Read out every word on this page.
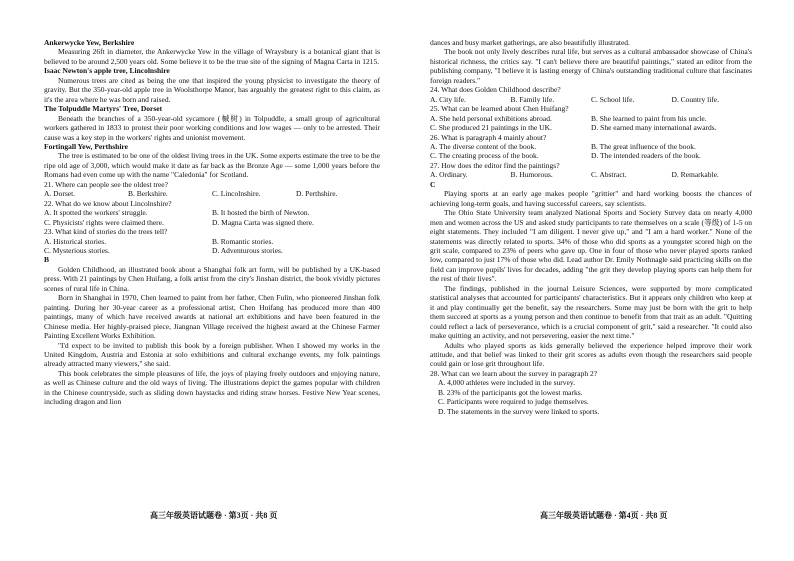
Ankerwycke Yew, Berkshire

Measuring 26ft in diameter, the Ankerwycke Yew in the village of Wraysbury is a botanical giant that is believed to be around 2,500 years old. Some believe it to be the true site of the signing of Magna Carta in 1215.

Isaac Newton's apple tree, Lincolnshire

Numerous trees are cited as being the one that inspired the young physicist to investigate the theory of gravity. But the 350-year-old apple tree in Woolsthorpe Manor, has arguably the greatest right to this claim, as it's the area where he was born and raised.

The Tolpuddle Martyrs' Tree, Dorset

Beneath the branches of a 350-year-old sycamore (槭树) in Tolpuddle, a small group of agricultural workers gathered in 1833 to protest their poor working conditions and low wages — only to be arrested. Their cause was a key step in the workers' rights and unionist movement.

Fortingall Yew, Perthshire

The tree is estimated to be one of the oldest living trees in the UK. Some experts estimate the tree to be the ripe old age of 3,000, which would make it date as far back as the Bronze Age — some 1,000 years before the Romans had even come up with the name "Caledonia" for Scotland.

21. Where can people see the oldest tree?

A. Dorset.	B. Berkshire.	C. Lincolnshire.	D. Perthshire.

22. What do we know about Lincolnshire?

A. It spotted the workers' struggle.	B. It hosted the birth of Newton.
C. Physicists' rights were claimed there.	D. Magna Carta was signed there.

23. What kind of stories do the trees tell?

A. Historical stories.	B. Romantic stories.
C. Mysterious stories.	D. Adventurous stories.

B

Golden Childhood, an illustrated book about a Shanghai folk art form, will be published by a UK-based press. With 21 paintings by Chen Huifang, a folk artist from the city's Jinshan district, the book vividly pictures scenes of rural life in China.

Born in Shanghai in 1970, Chen learned to paint from her father, Chen Fulin, who pioneered Jinshan folk painting. During her 30-year career as a professional artist, Chen Huifang has produced more than 400 paintings, many of which have received awards at national art exhibitions and have been featured in the Chinese media. Her highly-praised piece, Jiangnan Village received the highest award at the Chinese Farmer Painting Excellent Works Exhibition.

"I'd expect to be invited to publish this book by a foreign publisher. When I showed my works in the United Kingdom, Austria and Estonia at solo exhibitions and cultural exchange events, my folk paintings already attracted many viewers," she said.

This book celebrates the simple pleasures of life, the joys of playing freely outdoors and enjoying nature, as well as Chinese culture and the old ways of living. The illustrations depict the games popular with children in the Chinese countryside, such as sliding down haystacks and riding straw horses. Festive New Year scenes, including dragon and lion

高三年级英语试题卷 · 第3页 · 共8 页

dances and busy market gatherings, are also beautifully illustrated.

The book not only lively describes rural life, but serves as a cultural ambassador showcase of China's historical richness, the critics say. "I can't believe there are beautiful paintings," stated an editor from the publishing company, "I believe it is lasting energy of China's outstanding traditional culture that fascinates foreign readers."

24. What does Golden Childhood describe?

A. City life.	B. Family life.	C. School life.	D. Country life.

25. What can be learned about Chen Huifang?

A. She held personal exhibitions abroad.	B. She learned to paint from his uncle.
C. She produced 21 paintings in the UK.	D. She earned many international awards.

26. What is paragraph 4 mainly about?

A. The diverse content of the book.	B. The great influence of the book.
C. The creating process of the book.	D. The intended readers of the book.

27. How does the editor find the paintings?

A. Ordinary.	B. Humorous.	C. Abstract.	D. Remarkable.

C

Playing sports at an early age makes people "grittier" and hard working boosts the chances of achieving long-term goals, and having successful careers, say scientists.

The Ohio State University team analyzed National Sports and Society Survey data on nearly 4,000 men and women across the US and asked study participants to rate themselves on a scale (等级) of 1-5 on eight statements. They included "I am diligent. I never give up," and "I am a hard worker." None of the statements was directly related to sports. 34% of those who did sports as a youngster scored high on the grit scale, compared to 23% of peers who gave up. One in four of those who never played sports ranked low, compared to just 17% of those who did. Lead author Dr. Emily Nothnagle said practicing skills on the field can improve pupils' lives for decades, adding "the grit they develop playing sports can help them for the rest of their lives".

The findings, published in the journal Leisure Sciences, were supported by more complicated statistical analyses that accounted for participants' characteristics. But it appears only children who keep at it and play continually get the benefit, say the researchers. Some may just be born with the grit to help them succeed at sports as a young person and then continue to benefit from that trait as an adult. "Quitting could reflect a lack of perseverance, which is a crucial component of grit," said a researcher. "It could also make quitting an activity, and not persevering, easier the next time."

Adults who played sports as kids generally believed the experience helped improve their work attitude, and that belief was linked to their grit scores as adults even though the researchers said people could gain or lose grit throughout life.

28. What can we learn about the survey in paragraph 2?

A. 4,000 athletes were included in the survey.

B. 23% of the participants got the lowest marks.

C. Participants were required to judge themselves.

D. The statements in the survey were linked to sports.

高三年级英语试题卷 · 第4页 · 共8 页
